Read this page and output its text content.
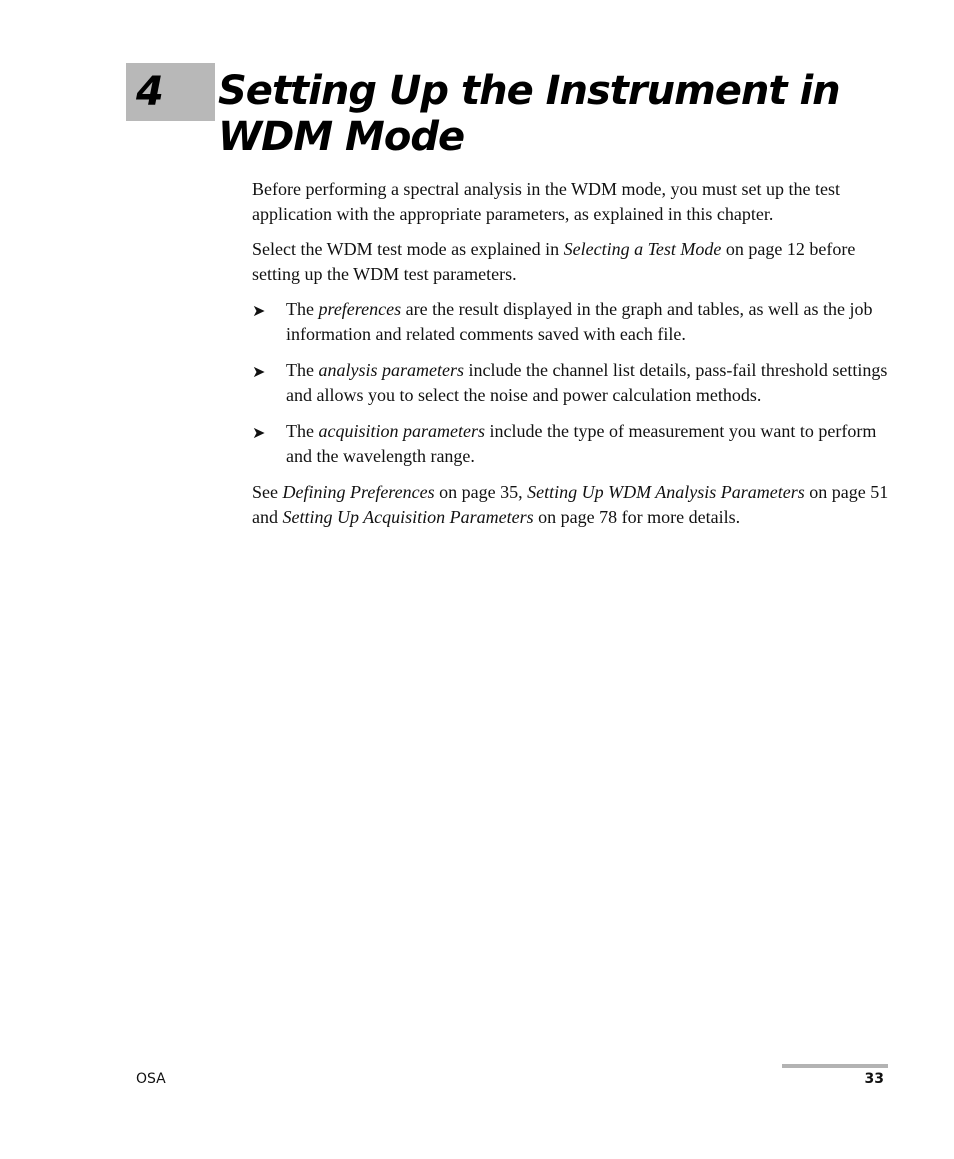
4 Setting Up the Instrument in
WDM Mode

Before performing a spectral analysis in the WDM mode, you must set up the test application with the appropriate parameters, as explained in this chapter.

Select the WDM test mode as explained in Selecting a Test Mode on page 12 before setting up the WDM test parameters.

➤ The preferences are the result displayed in the graph and tables, as well as the job information and related comments saved with each file.
➤ The analysis parameters include the channel list details, pass-fail threshold settings and allows you to select the noise and power calculation methods.
➤ The acquisition parameters include the type of measurement you want to perform and the wavelength range.

See Defining Preferences on page 35, Setting Up WDM Analysis Parameters on page 51 and Setting Up Acquisition Parameters on page 78 for more details.

OSA	33
